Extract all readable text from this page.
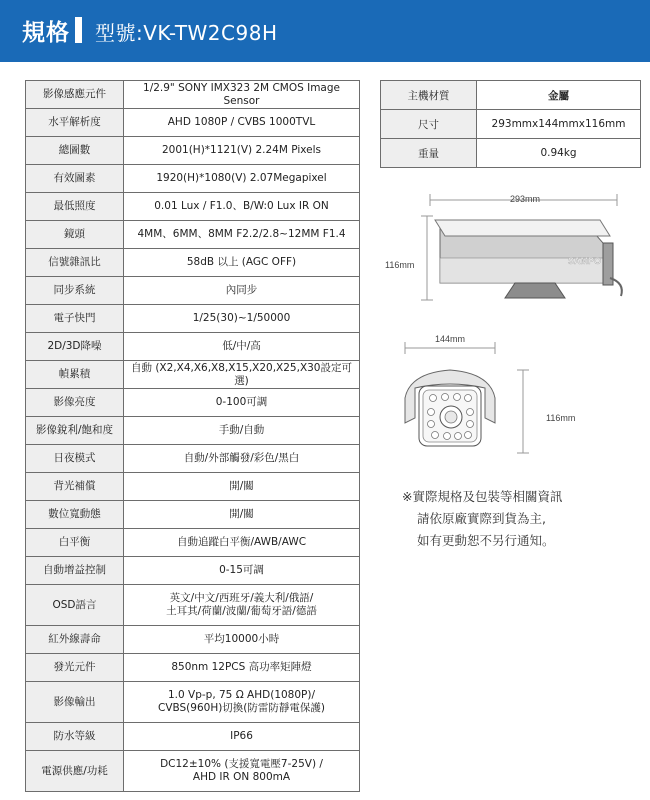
規格 型號:VK-TW2C98H
影像感應元件	1/2.9" SONY IMX323 2M CMOS Image Sensor
水平解析度	AHD 1080P / CVBS 1000TVL
總圖數	2001(H)*1121(V) 2.24M Pixels
有效圖素	1920(H)*1080(V) 2.07Megapixel
最低照度	0.01 Lux / F1.0、B/W:0 Lux IR ON
鏡頭	4MM、6MM、8MM F2.2/2.8~12MM F1.4
信號雜訊比	58dB 以上 (AGC OFF)
同步系統	內同步
電子快門	1/25(30)~1/50000
2D/3D降噪	低/中/高
幀累積	自動 (X2,X4,X6,X8,X15,X20,X25,X30設定可選)
影像亮度	0-100可調
影像銳利/飽和度	手動/自動
日夜模式	自動/外部觸發/彩色/黑白
背光補償	開/關
數位寬動態	開/關
白平衡	自動追蹤白平衡/AWB/AWC
自動增益控制	0-15可調
OSD語言	英文/中文/西班牙/義大利/俄語/
土耳其/荷蘭/波蘭/葡萄牙語/德語
紅外線壽命	平均10000小時
發光元件	850nm 12PCS 高功率矩陣燈
影像輸出	1.0 Vp-p, 75 Ω AHD(1080P)/
CVBS(960H)切換(防雷防靜電保護)
防水等級	IP66
電源供應/功耗	DC12±10% (支援寬電壓7-25V) /
AHD IR ON 800mA
主機材質	金屬
尺寸	293mmx144mmx116mm
重量	0.94kg
293mm
116mm	SAMPO
144mm
116mm
※實際規格及包裝等相關資訊
請依原廠實際到貨為主,
如有更動恕不另行通知。
